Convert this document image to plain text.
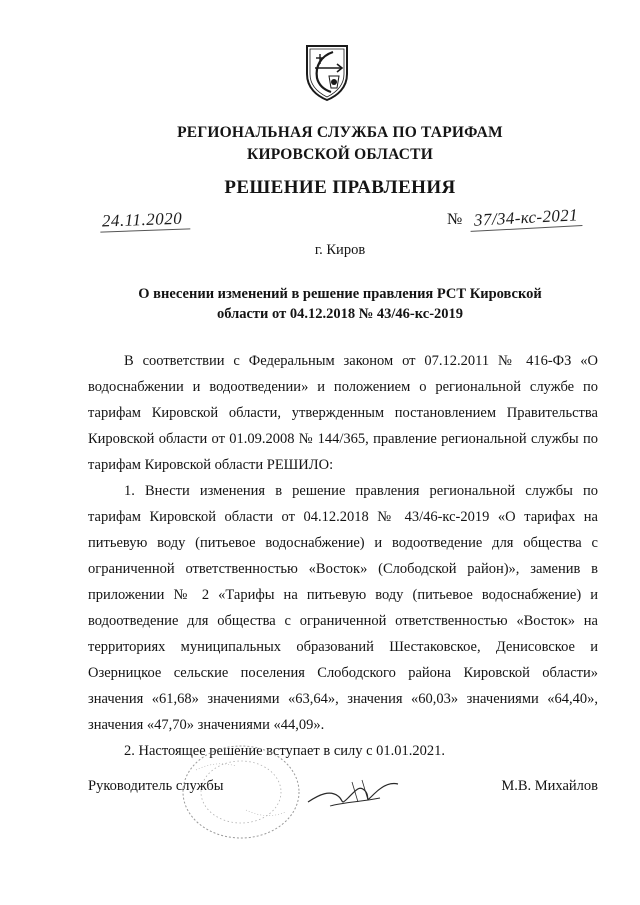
РЕГИОНАЛЬНАЯ СЛУЖБА ПО ТАРИФАМ
КИРОВСКОЙ ОБЛАСТИ
РЕШЕНИЕ ПРАВЛЕНИЯ
24.11.2020	№ 37/34-кс-2021
г. Киров
О внесении изменений в решение правления РСТ Кировской
области от 04.12.2018 № 43/46-кс-2019

В соответствии с Федеральным законом от 07.12.2011 № 416-ФЗ «О водоснабжении и водоотведении» и положением о региональной службе по тарифам Кировской области, утвержденным постановлением Правительства Кировской области от 01.09.2008 № 144/365, правление региональной службы по тарифам Кировской области РЕШИЛО:

1. Внести изменения в решение правления региональной службы по тарифам Кировской области от 04.12.2018 № 43/46-кс-2019 «О тарифах на питьевую воду (питьевое водоснабжение) и водоотведение для общества с ограниченной ответственностью «Восток» (Слободской район)», заменив в приложении № 2 «Тарифы на питьевую воду (питьевое водоснабжение) и водоотведение для общества с ограниченной ответственностью «Восток» на территориях муниципальных образований Шестаковское, Денисовское и Озерницкое сельские поселения Слободского района Кировской области» значения «61,68» значениями «63,64», значения «60,03» значениями «64,40», значения «47,70» значениями «44,09».

2. Настоящее решение вступает в силу с 01.01.2021.

Руководитель службы	М.В. Михайлов
